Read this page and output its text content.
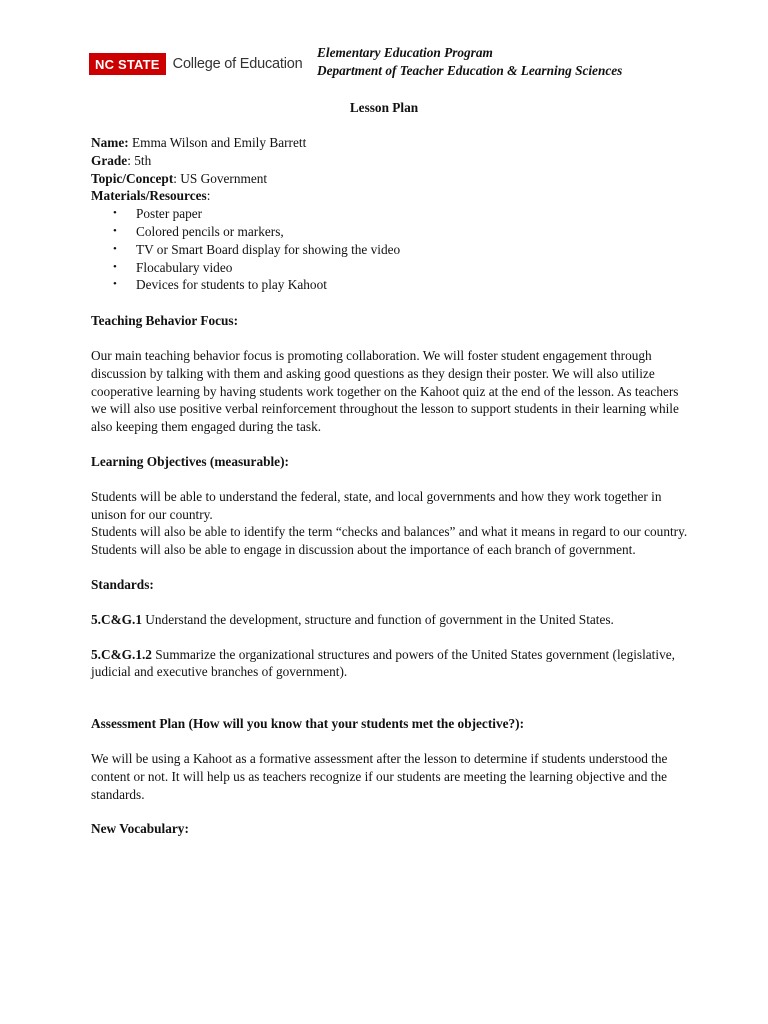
NC STATE College of Education
Elementary Education Program
Department of Teacher Education & Learning Sciences
Lesson Plan

Name: Emma Wilson and Emily Barrett

Grade: 5th

Topic/Concept: US Government

Materials/Resources:

• Poster paper
• Colored pencils or markers,
• TV or Smart Board display for showing the video
• Flocabulary video
• Devices for students to play Kahoot

Teaching Behavior Focus:

Our main teaching behavior focus is promoting collaboration. We will foster student engagement through discussion by talking with them and asking good questions as they design their poster. We will also utilize cooperative learning by having students work together on the Kahoot quiz at the end of the lesson. As teachers we will also use positive verbal reinforcement throughout the lesson to support students in their learning while also keeping them engaged during the task.

Learning Objectives (measurable):

Students will be able to understand the federal, state, and local governments and how they work together in unison for our country.

Students will also be able to identify the term “checks and balances” and what it means in regard to our country.

Students will also be able to engage in discussion about the importance of each branch of government.

Standards:

5.C&G.1 Understand the development, structure and function of government in the United States.

5.C&G.1.2 Summarize the organizational structures and powers of the United States government (legislative, judicial and executive branches of government).

Assessment Plan (How will you know that your students met the objective?):

We will be using a Kahoot as a formative assessment after the lesson to determine if students understood the content or not. It will help us as teachers recognize if our students are meeting the learning objective and the standards.

New Vocabulary:
